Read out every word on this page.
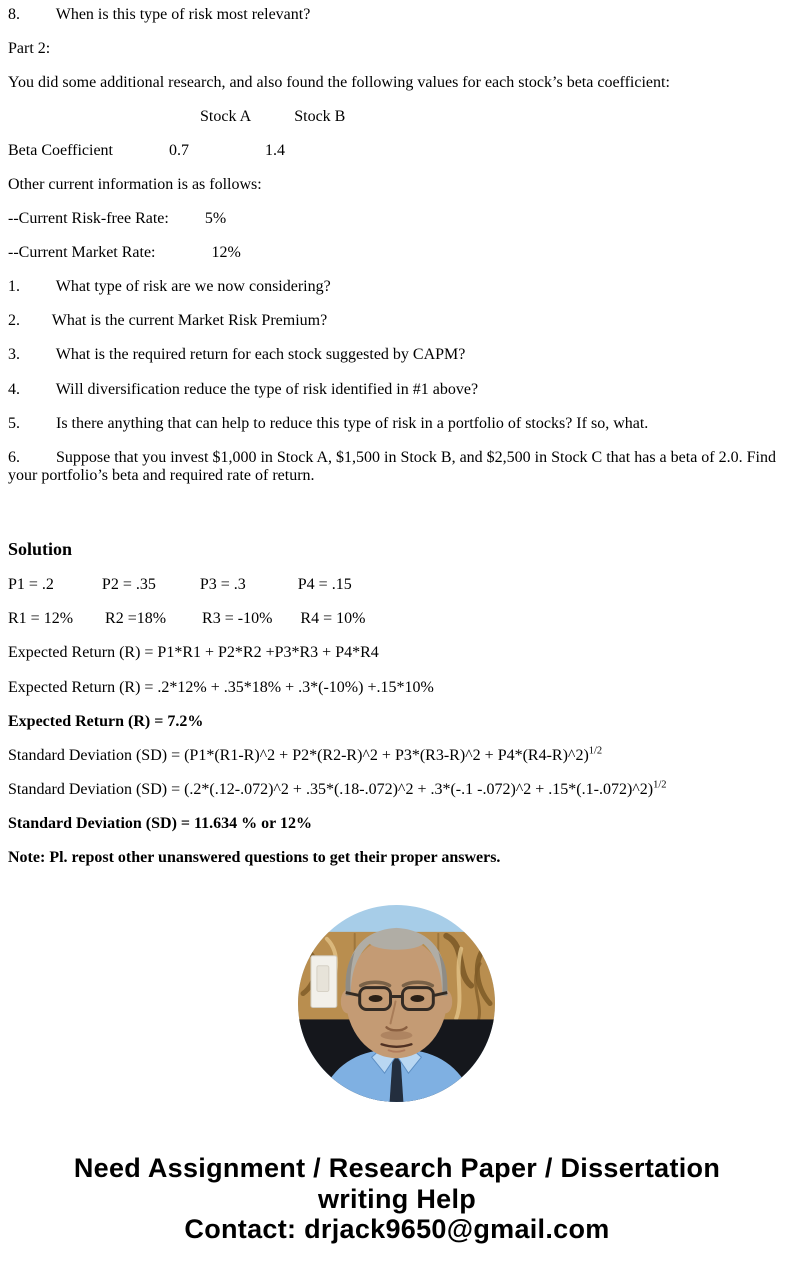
8.         When is this type of risk most relevant?

Part 2:

You did some additional research, and also found the following values for each stock’s beta coefficient:

Stock A           Stock B

Beta Coefficient              0.7                   1.4

Other current information is as follows:

--Current Risk-free Rate:         5%

--Current Market Rate:              12%

1.         What type of risk are we now considering?

2.        What is the current Market Risk Premium?

3.         What is the required return for each stock suggested by CAPM?

4.         Will diversification reduce the type of risk identified in #1 above?

5.         Is there anything that can help to reduce this type of risk in a portfolio of stocks? If so, what.

6.         Suppose that you invest $1,000 in Stock A, $1,500 in Stock B, and $2,500 in Stock C that has a beta of 2.0. Find your portfolio’s beta and required rate of return.

Solution

P1 = .2            P2 = .35           P3 = .3             P4 = .15

R1 = 12%        R2 =18%         R3 = -10%       R4 = 10%

Expected Return (R) = P1*R1 + P2*R2 +P3*R3 + P4*R4

Expected Return (R) = .2*12% + .35*18% + .3*(-10%) +.15*10%

Expected Return (R) = 7.2%

Standard Deviation (SD) = (P1*(R1-R)^2 + P2*(R2-R)^2 + P3*(R3-R)^2 + P4*(R4-R)^2)$^{1/2}$

Standard Deviation (SD) = (.2*(.12-.072)^2 + .35*(.18-.072)^2 + .3*(-.1 -.072)^2 + .15*(.1-.072)^2)$^{1/2}$

Standard Deviation (SD) = 11.634 % or 12%

Note: Pl. repost other unanswered questions to get their proper answers.

Need Assignment / Research Paper / Dissertation
writing Help
Contact: drjack9650@gmail.com
